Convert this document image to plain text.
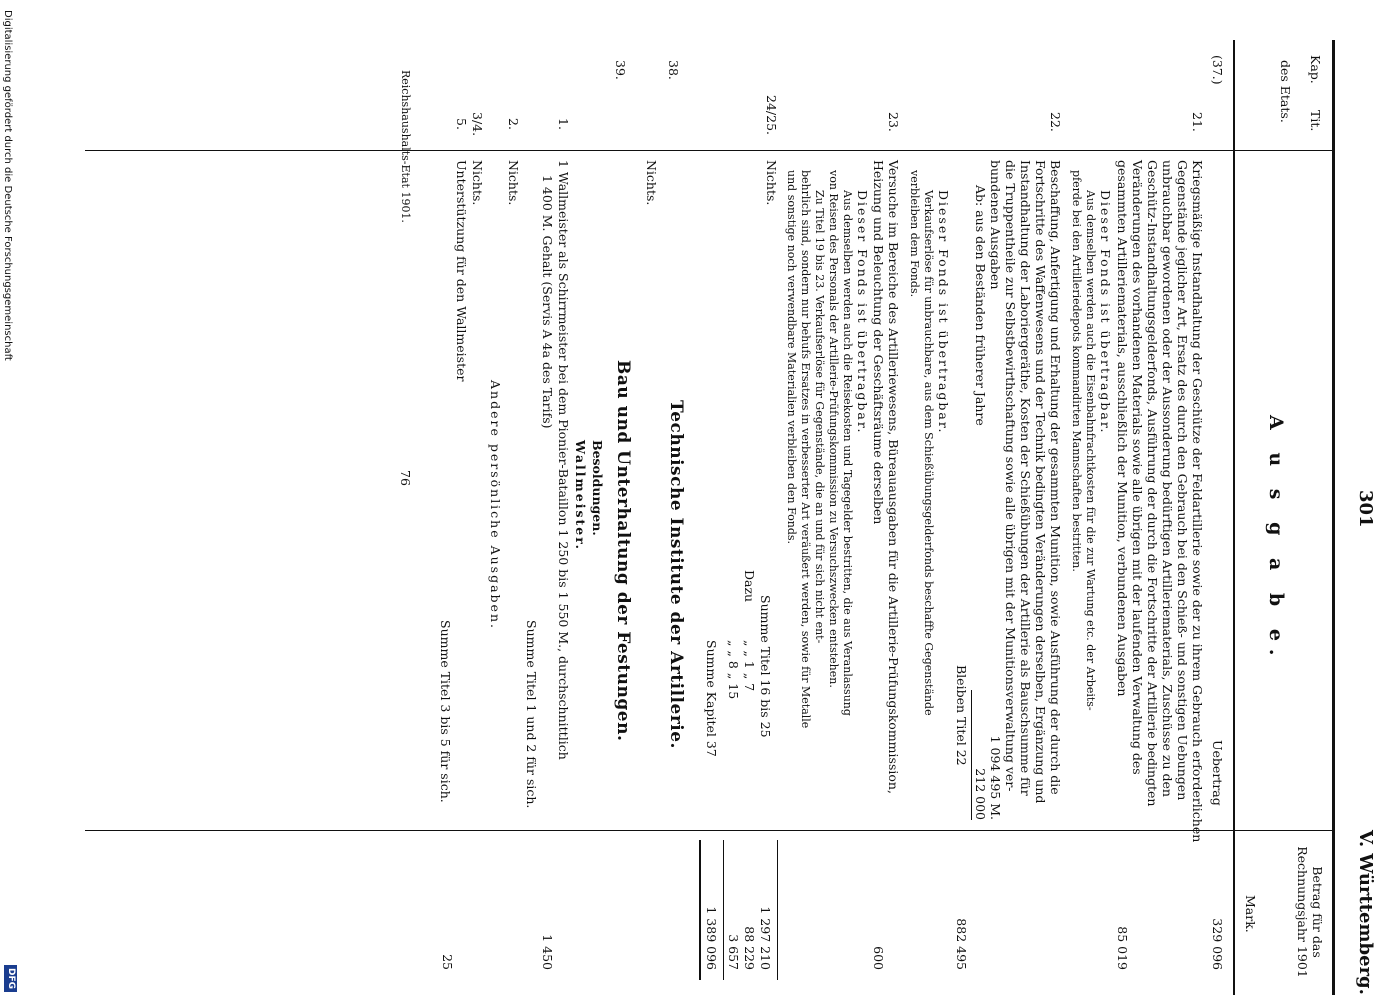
301
V. Württemberg.
Kap.
Tit.
des Etats.
Betrag für das Rechnungsjahr 1901
Mark.
A u s g a b e.
(37.)
Uebertrag
329 096
21.
Kriegsmäßige Instandhaltung der Geschütze der Feldartillerie sowie der zu ihrem Gebrauch erforderlichen
Gegenstände jeglicher Art, Ersatz des durch den Gebrauch bei den Schieß- und sonstigen Uebungen
unbrauchbar gewordenen oder der Aussonderung bedürftigen Artilleriematerials, Zuschüsse zu den
Geschütz-Instandhaltungsgelderfonds, Ausführung der durch die Fortschritte der Artillerie bedingten
Veränderungen des vorhandenen Materials sowie alle übrigen mit der laufenden Verwaltung des
gesammten Artilleriematerials, ausschließlich der Munition, verbundenen Ausgaben
85 019
Dieser Fonds ist übertragbar.
Aus demselben werden auch die Eisenbahnfrachtkosten für die zur Wartung etc. der Arbeits-
pferde bei den Artilleriedepots kommandirten Mannschaften bestritten.
22.
Beschaffung, Anfertigung und Erhaltung der gesammten Munition, sowie Ausführung der durch die
Fortschritte des Waffenwesens und der Technik bedingten Veränderungen derselben, Ergänzung und
Instandhaltung der Laboriergeräthe, Kosten der Schießübungen der Artillerie als Bauschsumme für
die Truppentheile zur Selbstbewirthschaftung sowie alle übrigen mit der Munitionsverwaltung ver-
bundenen Ausgaben
1 094 495 M.
Ab: aus den Beständen früherer Jahre
212 000
Bleiben Titel 22
882 495
Dieser Fonds ist übertragbar.
Verkaufserlöse für unbrauchbare, aus dem Schießübungsgelderfonds beschaffte Gegenstände
verbleiben dem Fonds.
23.
Versuche im Bereiche des Artilleriewesens, Büreauausgaben für die Artillerie-Prüfungskommission,
Heizung und Beleuchtung der Geschäftsräume derselben
600
Dieser Fonds ist übertragbar.
Aus demselben werden auch die Reisekosten und Tagegelder bestritten, die aus Veranlassung
von Reisen des Personals der Artillerie-Prüfungskommission zu Versuchszwecken entstehen.
Zu Titel 19 bis 23. Verkaufserlöse für Gegenstände, die an und für sich nicht ent-
behrlich sind, sondern nur behufs Ersatzes in verbesserter Art veräußert werden, sowie für Metalle
und sonstige noch verwendbare Materialien verbleiben den Fonds.
24/25.
Nichts.
Summe Titel 16 bis 25
1 297 210
Dazu
„ „ 1 „ 7
88 229
„ „ 8 „ 15
3 657
Summe Kapitel 37
1 389 096
38.
Technische Institute der Artillerie.
Nichts.
39.
Bau und Unterhaltung der Festungen.
Besoldungen.
Wallmeister.
1.
1 Wallmeister als Schirrmeister bei dem Pionier-Bataillon 1 250 bis 1 550 M., durchschnittlich
1 400 M. Gehalt (Servis A 4a des Tarifs)
1 450
Summe Titel 1 und 2 für sich.
2.
Nichts.
Andere persönliche Ausgaben.
3/4.
Nichts.
5.
Unterstützung für den Wallmeister
25
Summe Titel 3 bis 5 für sich.
Reichshaushalts-Etat 1901.
76
Digitalisierung gefördert durch die Deutsche Forschungsgemeinschaft
DFG
